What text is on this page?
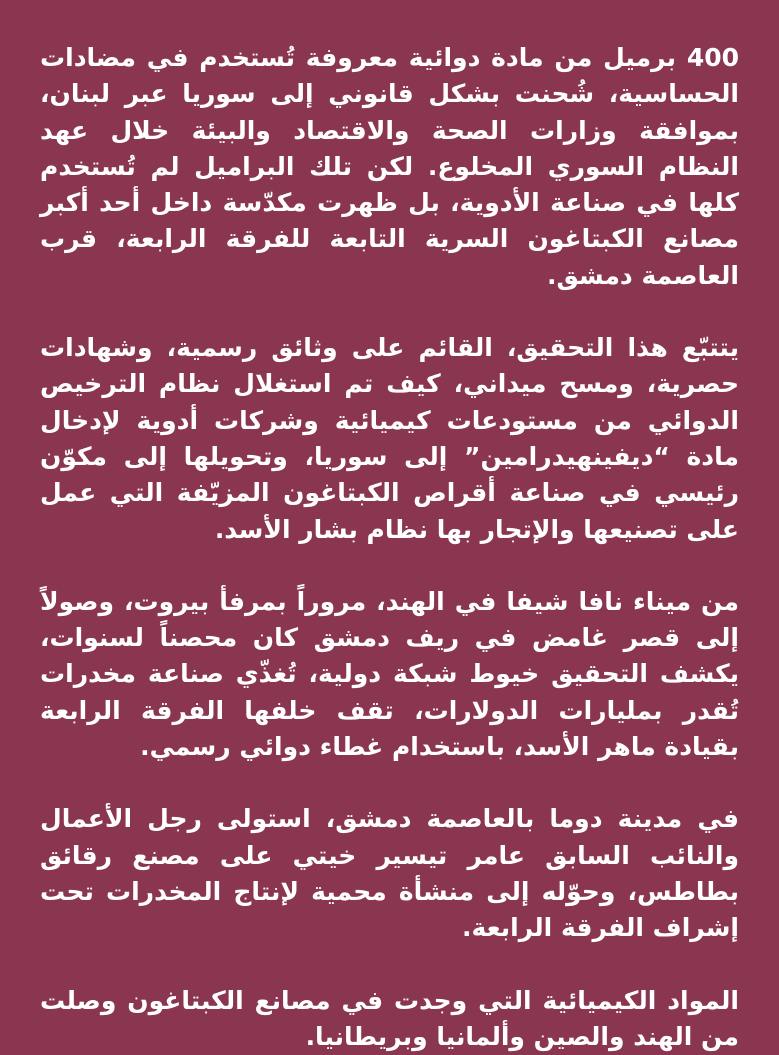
400 برميل من مادة دوائية معروفة تُستخدم في مضادات الحساسية، شُحنت بشكل قانوني إلى سوريا عبر لبنان، بموافقة وزارات الصحة والاقتصاد والبيئة خلال عهد النظام السوري المخلوع. لكن تلك البراميل لم تُستخدم كلها في صناعة الأدوية، بل ظهرت مكدّسة داخل أحد أكبر مصانع الكبتاغون السرية التابعة للفرقة الرابعة، قرب العاصمة دمشق.

يتتبّع هذا التحقيق، القائم على وثائق رسمية، وشهادات حصرية، ومسح ميداني، كيف تم استغلال نظام الترخيص الدوائي من مستودعات كيميائية وشركات أدوية لإدخال مادة “ديفينهيدرامين” إلى سوريا، وتحويلها إلى مكوّن رئيسي في صناعة أقراص الكبتاغون المزيّفة التي عمل على تصنيعها والإتجار بها نظام بشار الأسد.

من ميناء نافا شيفا في الهند، مروراً بمرفأ بيروت، وصولاً إلى قصر غامض في ريف دمشق كان محصناً لسنوات، يكشف التحقيق خيوط شبكة دولية، تُغذّي صناعة مخدرات تُقدر بمليارات الدولارات، تقف خلفها الفرقة الرابعة بقيادة ماهر الأسد، باستخدام غطاء دوائي رسمي.

في مدينة دوما بالعاصمة دمشق، استولى رجل الأعمال والنائب السابق عامر تيسير خيتي على مصنع رقائق بطاطس، وحوّله إلى منشأة محمية لإنتاج المخدرات تحت إشراف الفرقة الرابعة.

المواد الكيميائية التي وجدت في مصانع الكبتاغون وصلت من الهند والصين وألمانيا وبريطانيا.
